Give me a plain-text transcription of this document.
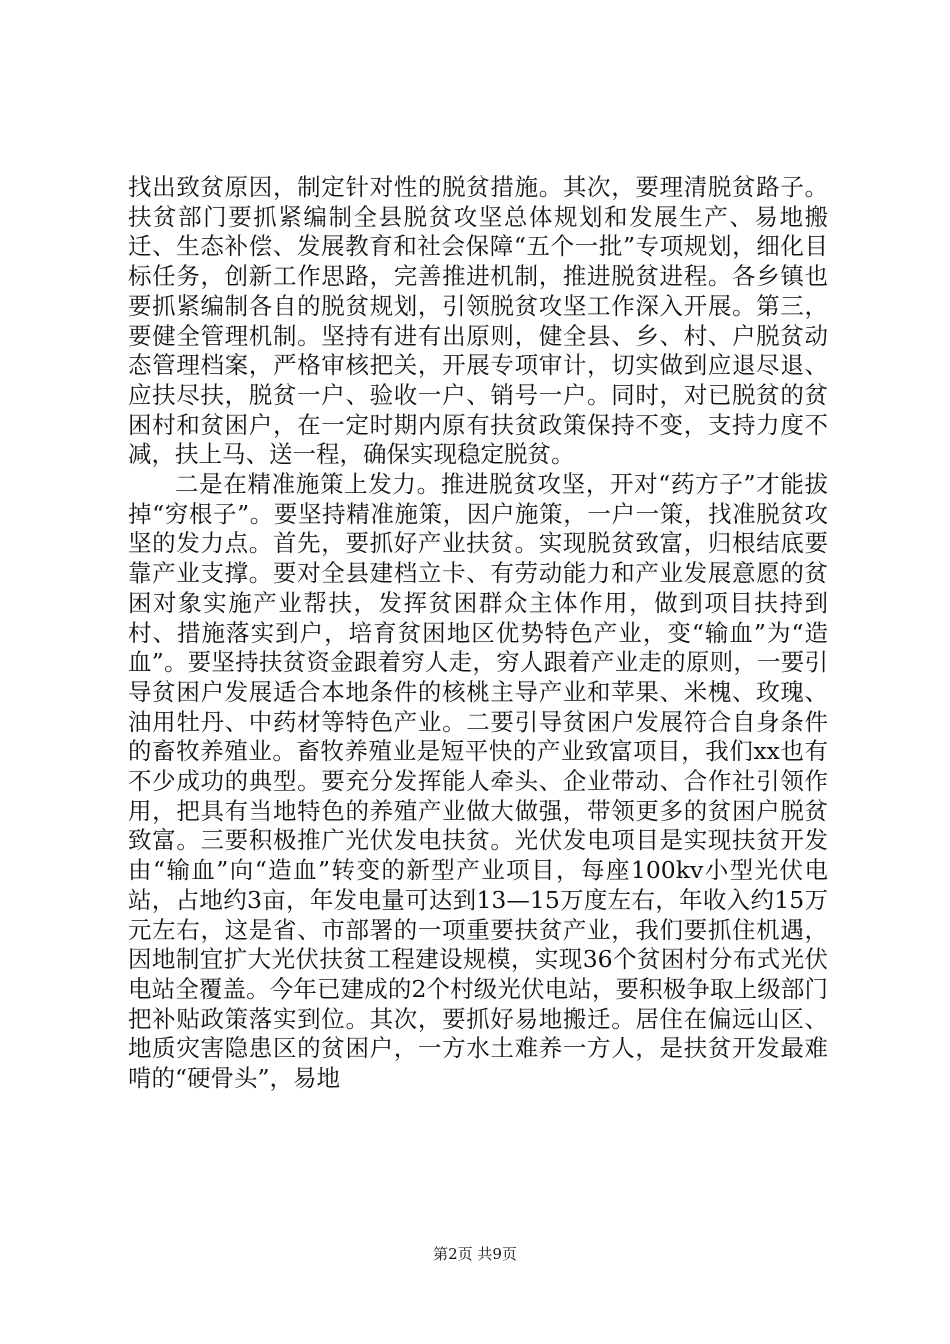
找出致贫原因，制定针对性的脱贫措施。其次，要理清脱贫路子。扶贫部门要抓紧编制全县脱贫攻坚总体规划和发展生产、易地搬迁、生态补偿、发展教育和社会保障“五个一批”专项规划，细化目标任务，创新工作思路，完善推进机制，推进脱贫进程。各乡镇也要抓紧编制各自的脱贫规划，引领脱贫攻坚工作深入开展。第三，要健全管理机制。坚持有进有出原则，健全县、乡、村、户脱贫动态管理档案，严格审核把关，开展专项审计，切实做到应退尽退、应扶尽扶，脱贫一户、验收一户、销号一户。同时，对已脱贫的贫困村和贫困户，在一定时期内原有扶贫政策保持不变，支持力度不减，扶上马、送一程，确保实现稳定脱贫。

二是在精准施策上发力。推进脱贫攻坚，开对“药方子”才能拔掉“穷根子”。要坚持精准施策，因户施策，一户一策，找准脱贫攻坚的发力点。首先，要抓好产业扶贫。实现脱贫致富，归根结底要靠产业支撑。要对全县建档立卡、有劳动能力和产业发展意愿的贫困对象实施产业帮扶，发挥贫困群众主体作用，做到项目扶持到村、措施落实到户，培育贫困地区优势特色产业，变“输血”为“造血”。要坚持扶贫资金跟着穷人走，穷人跟着产业走的原则，一要引导贫困户发展适合本地条件的核桃主导产业和苹果、米槐、玫瑰、油用牡丹、中药材等特色产业。二要引导贫困户发展符合自身条件的畜牧养殖业。畜牧养殖业是短平快的产业致富项目，我们xx也有不少成功的典型。要充分发挥能人牵头、企业带动、合作社引领作用，把具有当地特色的养殖产业做大做强，带领更多的贫困户脱贫致富。三要积极推广光伏发电扶贫。光伏发电项目是实现扶贫开发由“输血”向“造血”转变的新型产业项目，每座100kv小型光伏电站，占地约3亩，年发电量可达到13—15万度左右，年收入约15万元左右，这是省、市部署的一项重要扶贫产业，我们要抓住机遇，因地制宜扩大光伏扶贫工程建设规模，实现36个贫困村分布式光伏电站全覆盖。今年已建成的2个村级光伏电站，要积极争取上级部门把补贴政策落实到位。其次，要抓好易地搬迁。居住在偏远山区、地质灾害隐患区的贫困户，一方水土难养一方人，是扶贫开发最难啃的“硬骨头”，易地

第2页 共9页
